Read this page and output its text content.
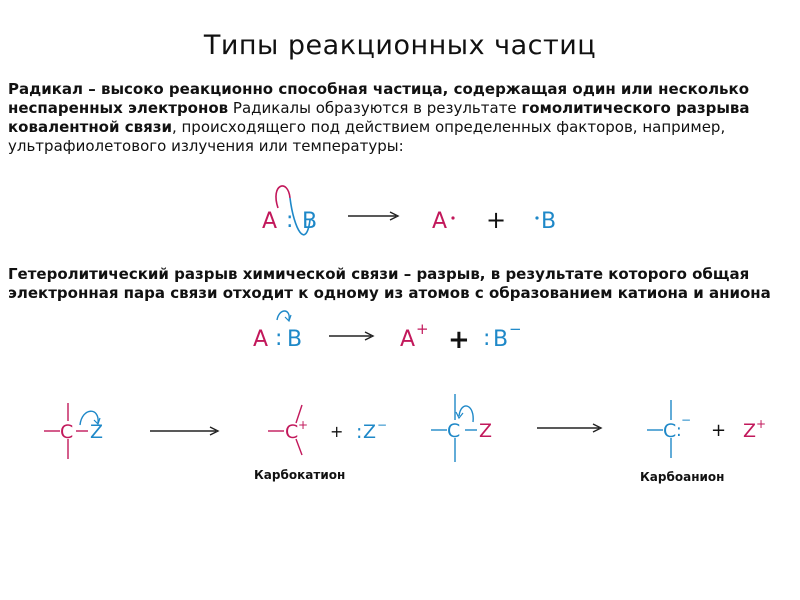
Типы реакционных частиц
Радикал – высоко реакционно способная частица, содержащая один или несколько
неспаренных электронов Радикалы образуются в результате гомолитического разрыва
ковалентной связи, происходящего под действием определенных факторов, например,
ультрафиолетового излучения или температуры:
A : B	A + B
Гетеролитический разрыв химической связи – разрыв, в результате которого общая
электронная пара связи отходит к одному из атомов с образованием катиона и аниона
A : B	A + + : B −
C Z	C + + : Z −
Карбокатион
C Z	C :
− + Z +
Карбоанион
